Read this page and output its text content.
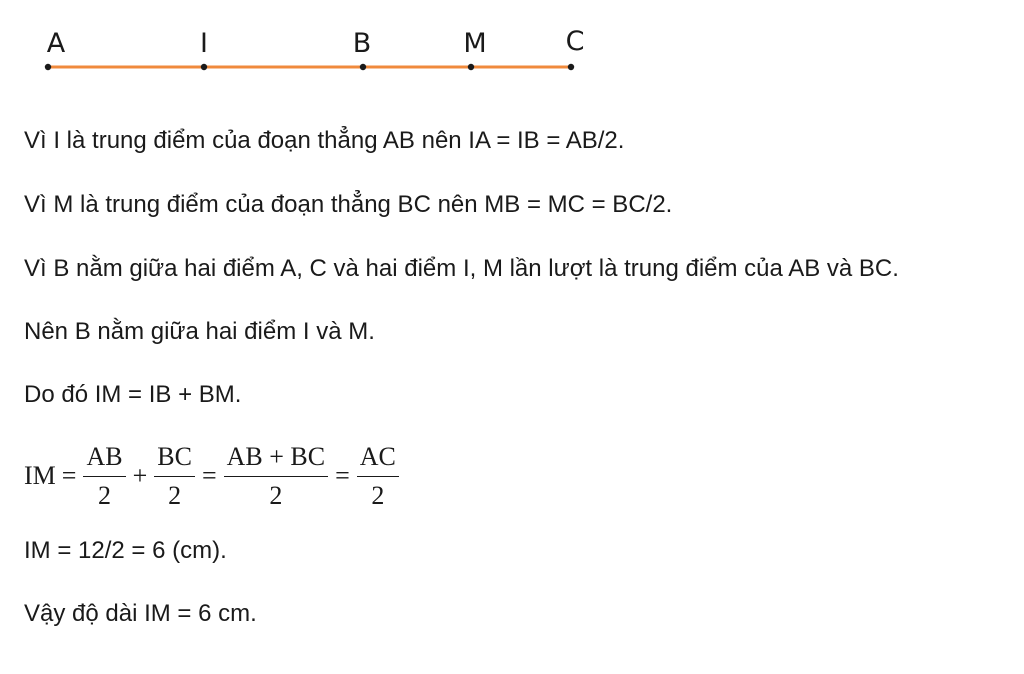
A	I	B	M	C
Vì I là trung điểm của đoạn thẳng AB nên IA = IB = AB/2.
Vì M là trung điểm của đoạn thẳng BC nên MB = MC = BC/2.
Vì B nằm giữa hai điểm A, C và hai điểm I, M lần lượt là trung điểm của AB và BC.
Nên B nằm giữa hai điểm I và M.
Do đó IM = IB + BM.
IM = $\frac{AB}{2} + \frac{BC}{2} = \frac{AB + BC}{2} = \frac{AC}{2}$
IM = 12/2 = 6 (cm).
Vậy độ dài IM = 6 cm.
